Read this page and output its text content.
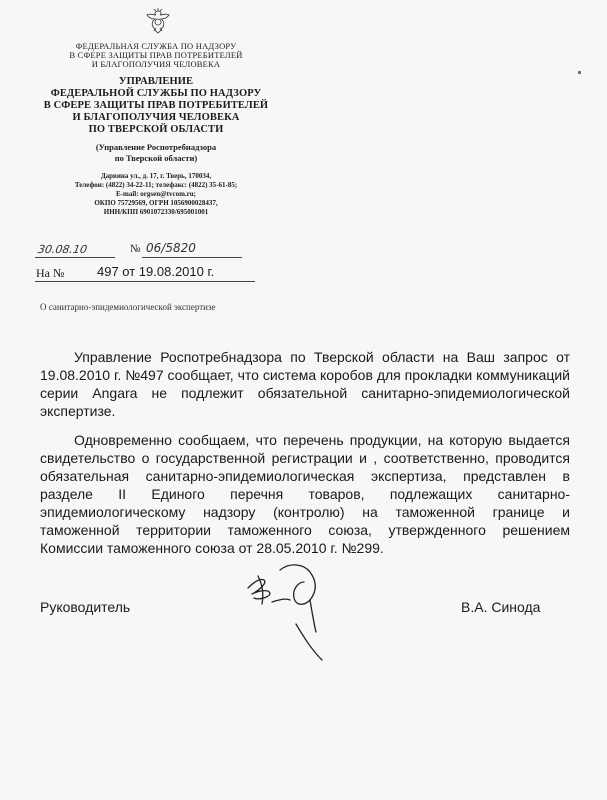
ФЕДЕРАЛЬНАЯ СЛУЖБА ПО НАДЗОРУ
В СФЕРЕ ЗАЩИТЫ ПРАВ ПОТРЕБИТЕЛЕЙ
И БЛАГОПОЛУЧИЯ ЧЕЛОВЕКА
УПРАВЛЕНИЕ
ФЕДЕРАЛЬНОЙ СЛУЖБЫ ПО НАДЗОРУ
В СФЕРЕ ЗАЩИТЫ ПРАВ ПОТРЕБИТЕЛЕЙ
И БЛАГОПОЛУЧИЯ ЧЕЛОВЕКА
ПО ТВЕРСКОЙ ОБЛАСТИ
(Управление Роспотребнадзора
по Тверской области)
Дарвина ул., д. 17, г. Тверь, 170034,
Телефон: (4822) 34-22-11; телефакс: (4822) 35-61-85;
E-mail: orgsen@tvcom.ru;
ОКПО 75729569, ОГРН 1056900028437,
ИНН/КПП 6901072330/695001001
30.08.10	№ 06/5820
На №	497 от 19.08.2010 г.
О санитарно-эпидемиологической экспертизе

Управление Роспотребнадзора по Тверской области на Ваш запрос от 19.08.2010 г. №497 сообщает, что система коробов для прокладки коммуникаций серии Angara не подлежит обязательной санитарно-эпидемиологической экспертизе.

Одновременно сообщаем, что перечень продукции, на которую выдается свидетельство о государственной регистрации и , соответственно, проводится обязательная санитарно-эпидемиологическая экспертиза, представлен в разделе II Единого перечня товаров, подлежащих санитарно-эпидемиологическому надзору (контролю) на таможенной границе и таможенной территории таможенного союза, утвержденного решением Комиссии таможенного союза от 28.05.2010 г. №299.

Руководитель	В.А. Синода
